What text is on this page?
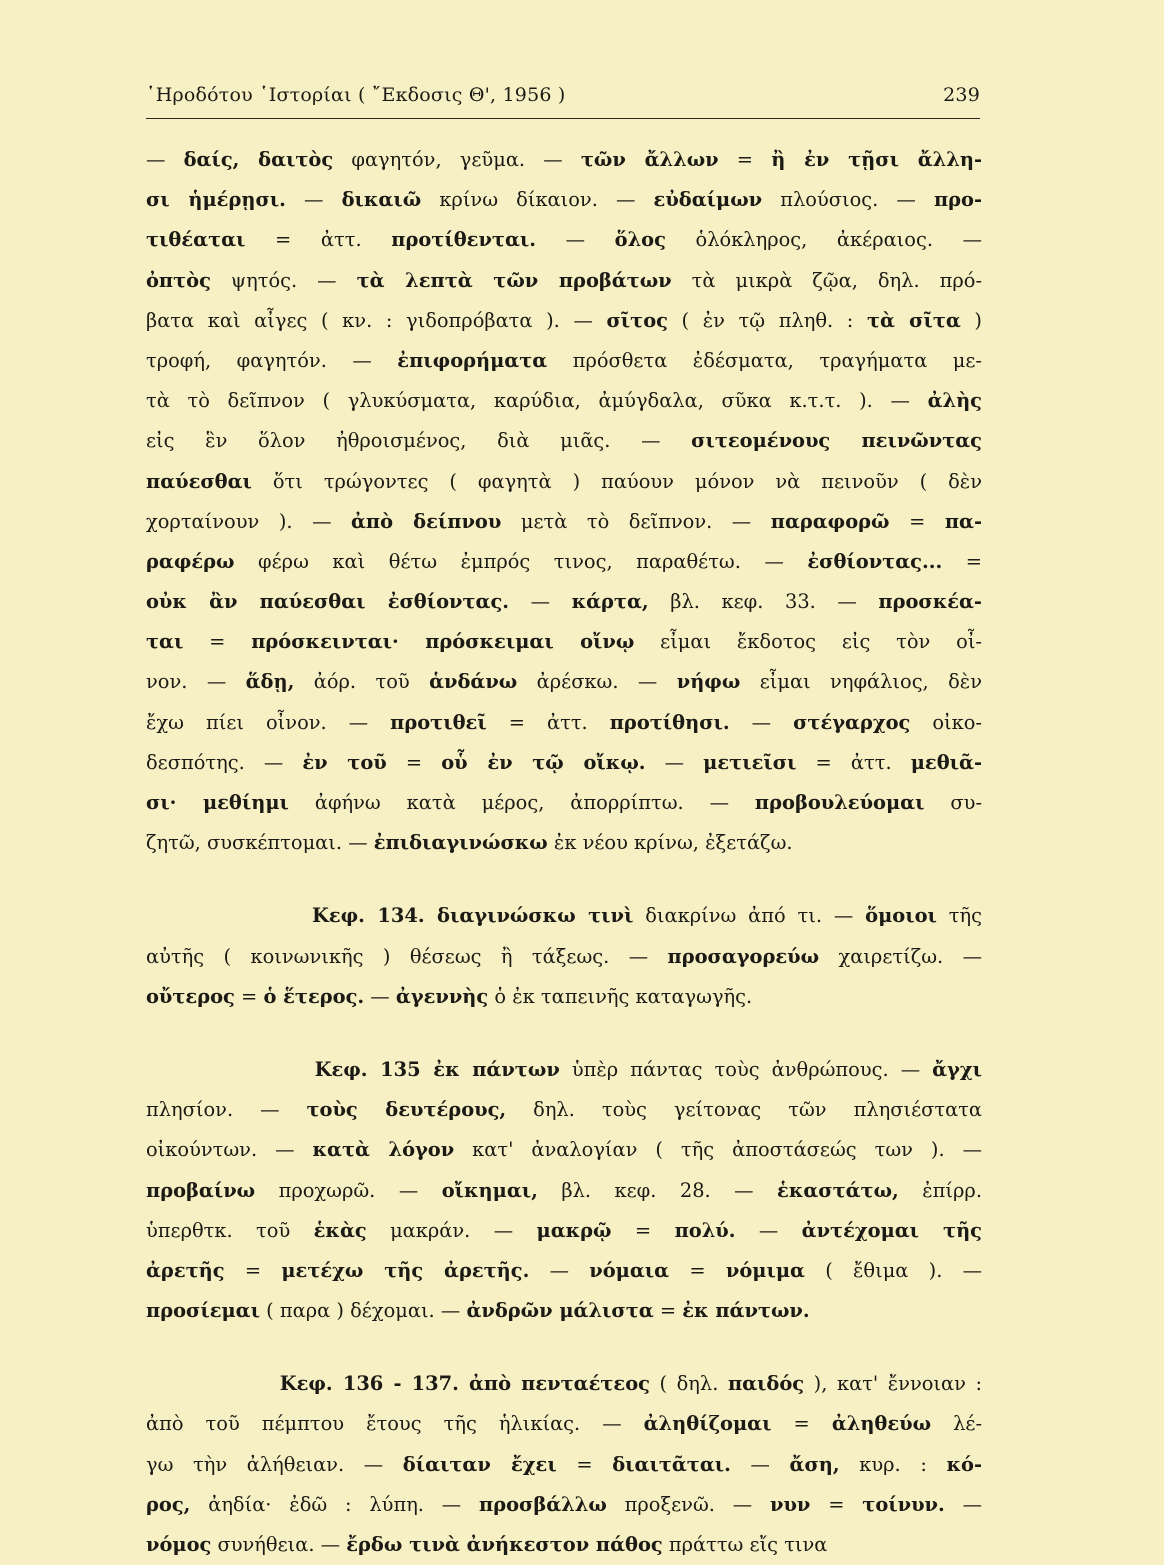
῾Ηροδότου ῾Ιστορίαι ( ῎Εκδοσις Θ', 1956 )	239
— δαίς, δαιτὸς φαγητόν, γεῦμα. — τῶν ἄλλων = ἢ ἐν τῇσι ἄλλη-
σι ἡμέρῃσι. — δικαιῶ κρίνω δίκαιον. — εὐδαίμων πλούσιος. — προ-
τιθέαται = ἀττ. προτίθενται. — ὅλος ὁλόκληρος, ἀκέραιος. —
ὀπτὸς ψητός. — τὰ λεπτὰ τῶν προβάτων τὰ μικρὰ ζῷα, δηλ. πρό-
βατα καὶ αἶγες ( κν. : γιδοπρόβατα ). — σῖτος ( ἐν τῷ πληθ. : τὰ σῖτα )
τροφή, φαγητόν. — ἐπιφορήματα πρόσθετα ἐδέσματα, τραγήματα με-
τὰ τὸ δεῖπνον ( γλυκύσματα, καρύδια, ἀμύγδαλα, σῦκα κ.τ.τ. ). — ἀλὴς
εἰς ἓν ὅλον ἠθροισμένος, διὰ μιᾶς. — σιτεομένους πεινῶντας
παύεσθαι ὅτι τρώγοντες ( φαγητὰ ) παύουν μόνον νὰ πεινοῦν ( δὲν
χορταίνουν ). — ἀπὸ δείπνου μετὰ τὸ δεῖπνον. — παραφορῶ = πα-
ραφέρω φέρω καὶ θέτω ἐμπρός τινος, παραθέτω. — ἐσθίοντας... =
οὐκ ἂν παύεσθαι ἐσθίοντας. — κάρτα, βλ. κεφ. 33. — προσκέα-
ται = πρόσκεινται· πρόσκειμαι οἴνῳ εἶμαι ἔκδοτος εἰς τὸν οἶ-
νον. — ἅδῃ, ἀόρ. τοῦ ἁνδάνω ἀρέσκω. — νήφω εἶμαι νηφάλιος, δὲν
ἔχω πίει οἶνον. — προτιθεῖ = ἀττ. προτίθησι. — στέγαρχος οἰκο-
δεσπότης. — ἐν τοῦ = οὗ ἐν τῷ οἴκῳ. — μετιεῖσι = ἀττ. μεθιᾶ-
σι· μεθίημι ἀφήνω κατὰ μέρος, ἀπορρίπτω. — προβουλεύομαι συ-
ζητῶ, συσκέπτομαι. — ἐπιδιαγινώσκω ἐκ νέου κρίνω, ἐξετάζω.
Κεφ. 134. διαγινώσκω τινὶ διακρίνω ἀπό τι. — ὅμοιοι τῆς
αὐτῆς ( κοινωνικῆς ) θέσεως ἢ τάξεως. — προσαγορεύω χαιρετίζω. —
οὔτερος = ὁ ἕτερος. — ἀγεννὴς ὁ ἐκ ταπεινῆς καταγωγῆς.
Κεφ. 135 ἐκ πάντων ὑπὲρ πάντας τοὺς ἀνθρώπους. — ἄγχι
πλησίον. — τοὺς δευτέρους, δηλ. τοὺς γείτονας τῶν πλησιέστατα
οἰκούντων. — κατὰ λόγον κατ' ἀναλογίαν ( τῆς ἀποστάσεώς των ). —
προβαίνω προχωρῶ. — οἴκημαι, βλ. κεφ. 28. — ἑκαστάτω, ἐπίρρ.
ὑπερθτκ. τοῦ ἑκὰς μακράν. — μακρῷ = πολύ. — ἀντέχομαι τῆς
ἀρετῆς = μετέχω τῆς ἀρετῆς. — νόμαια = νόμιμα ( ἔθιμα ). —
προσίεμαι ( παρα ) δέχομαι. — ἀνδρῶν μάλιστα = ἐκ πάντων.
Κεφ. 136 - 137. ἀπὸ πενταέτεος ( δηλ. παιδός ), κατ' ἔννοιαν :
ἀπὸ τοῦ πέμπτου ἔτους τῆς ἡλικίας. — ἀληθίζομαι = ἀληθεύω λέ-
γω τὴν ἀλήθειαν. — δίαιταν ἔχει = διαιτᾶται. — ἄση, κυρ. : κό-
ρος, ἀηδία· ἐδῶ : λύπη. — προσβάλλω προξενῶ. — νυν = τοίνυν. —
νόμος συνήθεια. — ἔρδω τινὰ ἀνήκεστον πάθος πράττω εἴς τινα
